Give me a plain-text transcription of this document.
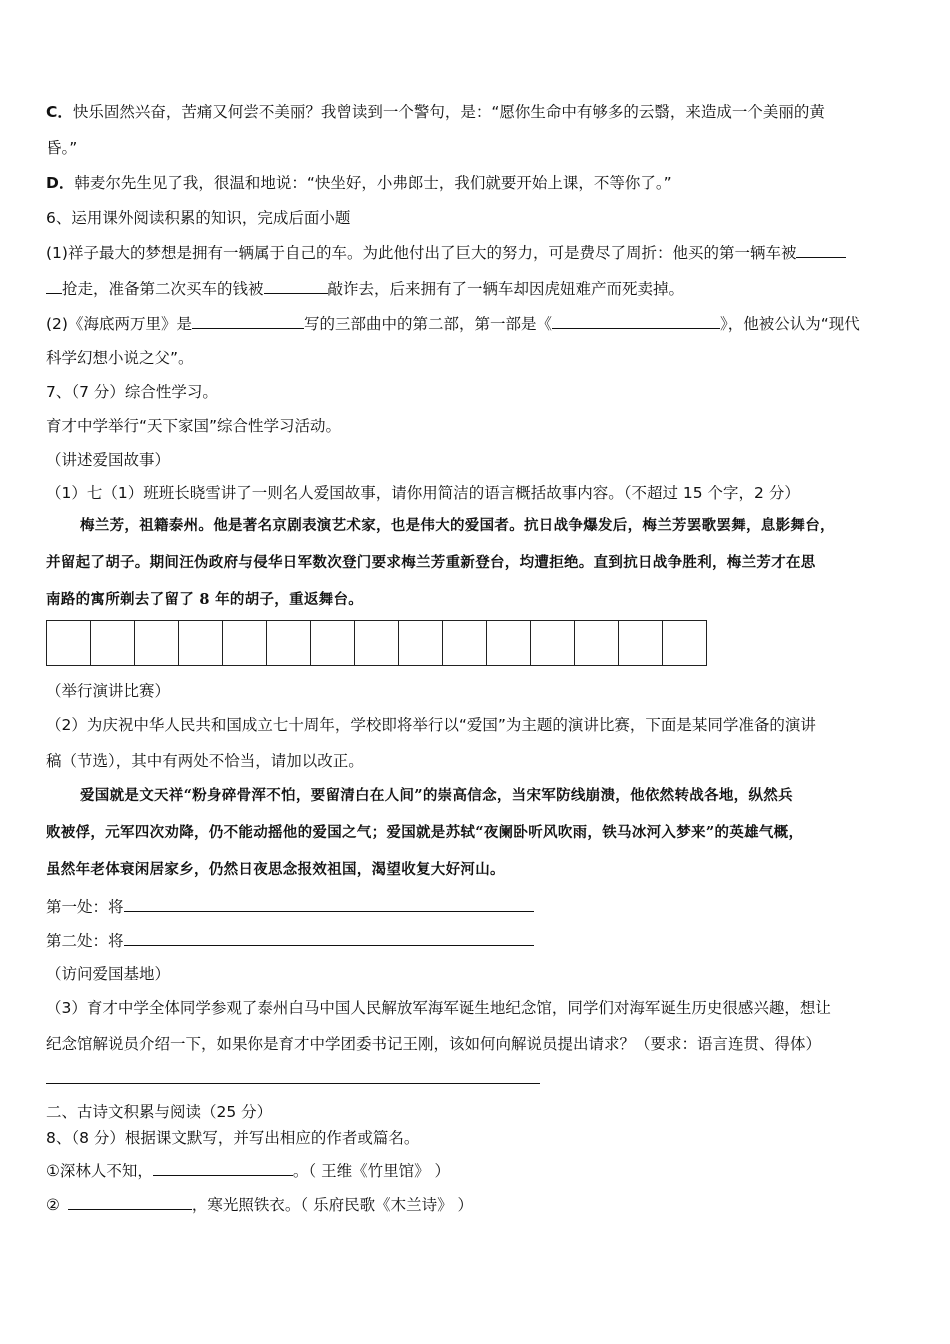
C．快乐固然兴奋，苦痛又何尝不美丽？我曾读到一个警句，是：“愿你生命中有够多的云翳，来造成一个美丽的黄
昏。”
D．韩麦尔先生见了我，很温和地说：“快坐好，小弗郎士，我们就要开始上课，不等你了。”
6、运用课外阅读积累的知识，完成后面小题
(1)祥子最大的梦想是拥有一辆属于自己的车。为此他付出了巨大的努力，可是费尽了周折：他买的第一辆车被
抢走，准备第二次买车的钱被	敲诈去，后来拥有了一辆车却因虎妞难产而死卖掉。
(2)《海底两万里》是	写的三部曲中的第二部，第一部是《	》，他被公认为“现代
科学幻想小说之父”。
7、（7 分）综合性学习。
育才中学举行“天下家国”综合性学习活动。
（讲述爱国故事）
（1）七（1）班班长晓雪讲了一则名人爱国故事，请你用简洁的语言概括故事内容。（不超过 15 个字，2 分）
梅兰芳，祖籍泰州。他是著名京剧表演艺术家，也是伟大的爱国者。抗日战争爆发后，梅兰芳罢歌罢舞，息影舞台，
并留起了胡子。期间汪伪政府与侵华日军数次登门要求梅兰芳重新登台，均遭拒绝。直到抗日战争胜利，梅兰芳才在思
南路的寓所剃去了留了 8 年的胡子，重返舞台。
（举行演讲比赛）
（2）为庆祝中华人民共和国成立七十周年，学校即将举行以“爱国”为主题的演讲比赛，下面是某同学准备的演讲
稿（节选），其中有两处不恰当，请加以改正。
爱国就是文天祥“粉身碎骨浑不怕，要留清白在人间”的崇高信念，当宋军防线崩溃，他依然转战各地，纵然兵
败被俘，元军四次劝降，仍不能动摇他的爱国之气；爱国就是苏轼“夜阑卧听风吹雨，铁马冰河入梦来”的英雄气概，
虽然年老体衰闲居家乡，仍然日夜思念报效祖国，渴望收复大好河山。
第一处：将
第二处：将
（访问爱国基地）
（3）育才中学全体同学参观了泰州白马中国人民解放军海军诞生地纪念馆，同学们对海军诞生历史很感兴趣，想让
纪念馆解说员介绍一下，如果你是育才中学团委书记王刚，该如何向解说员提出请求？（要求：语言连贯、得体）
二、古诗文积累与阅读（25 分）
8、（8 分）根据课文默写，并写出相应的作者或篇名。
①深林人不知，	。（ 王维《竹里馆》 ）
②	，寒光照铁衣。（ 乐府民歌《木兰诗》 ）
